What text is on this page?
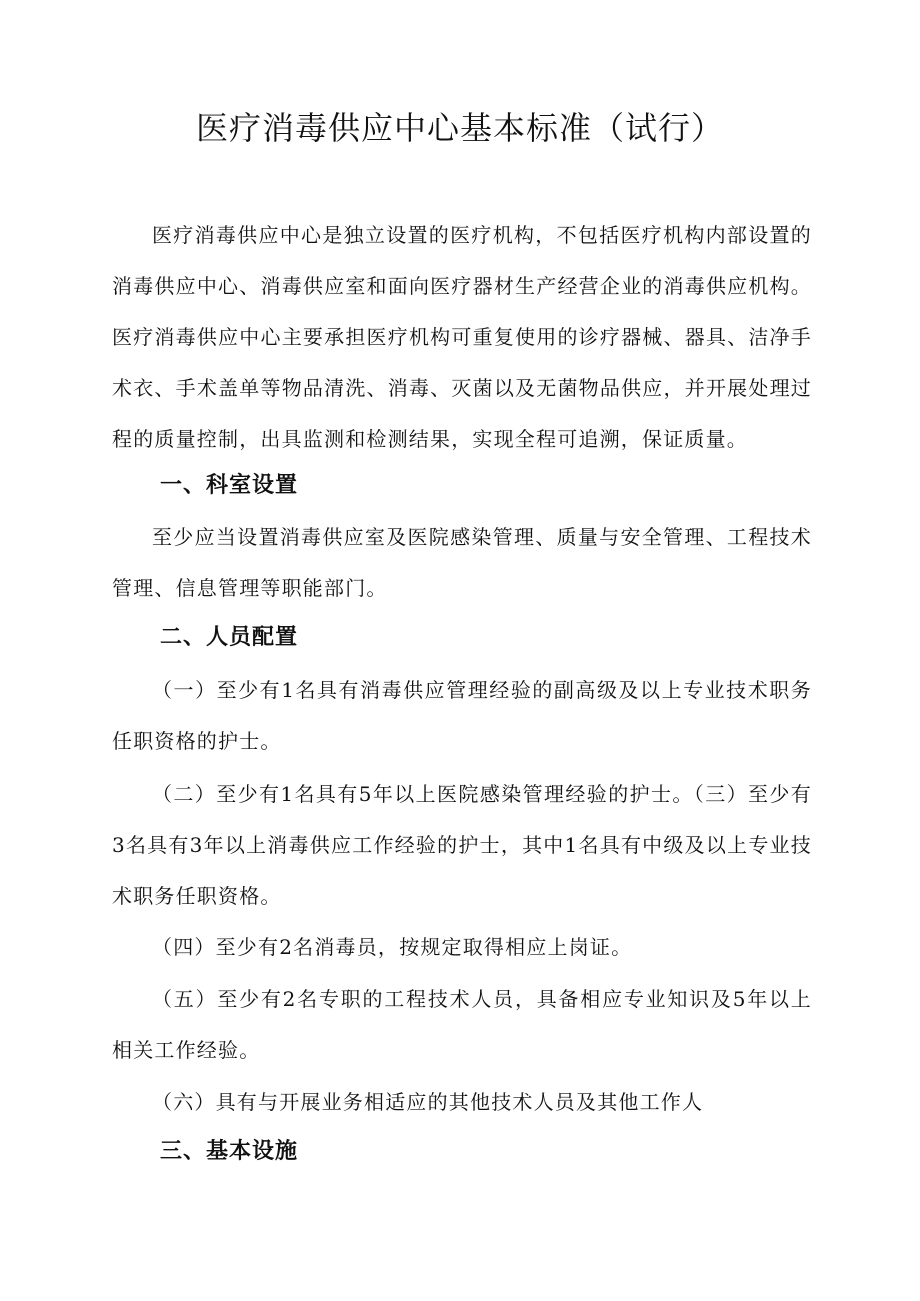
医疗消毒供应中心基本标准（试行）
医疗消毒供应中心是独立设置的医疗机构，不包括医疗机构内部设置的消毒供应中心、消毒供应室和面向医疗器材生产经营企业的消毒供应机构。医疗消毒供应中心主要承担医疗机构可重复使用的诊疗器械、器具、洁净手术衣、手术盖单等物品清洗、消毒、灭菌以及无菌物品供应，并开展处理过程的质量控制，出具监测和检测结果，实现全程可追溯，保证质量。
一、科室设置
至少应当设置消毒供应室及医院感染管理、质量与安全管理、工程技术管理、信息管理等职能部门。
二、人员配置
（一）至少有1名具有消毒供应管理经验的副高级及以上专业技术职务任职资格的护士。
（二）至少有1名具有5年以上医院感染管理经验的护士。（三）至少有3名具有3年以上消毒供应工作经验的护士，其中1名具有中级及以上专业技术职务任职资格。
（四）至少有2名消毒员，按规定取得相应上岗证。
（五）至少有2名专职的工程技术人员，具备相应专业知识及5年以上相关工作经验。
（六）具有与开展业务相适应的其他技术人员及其他工作人
三、基本设施
